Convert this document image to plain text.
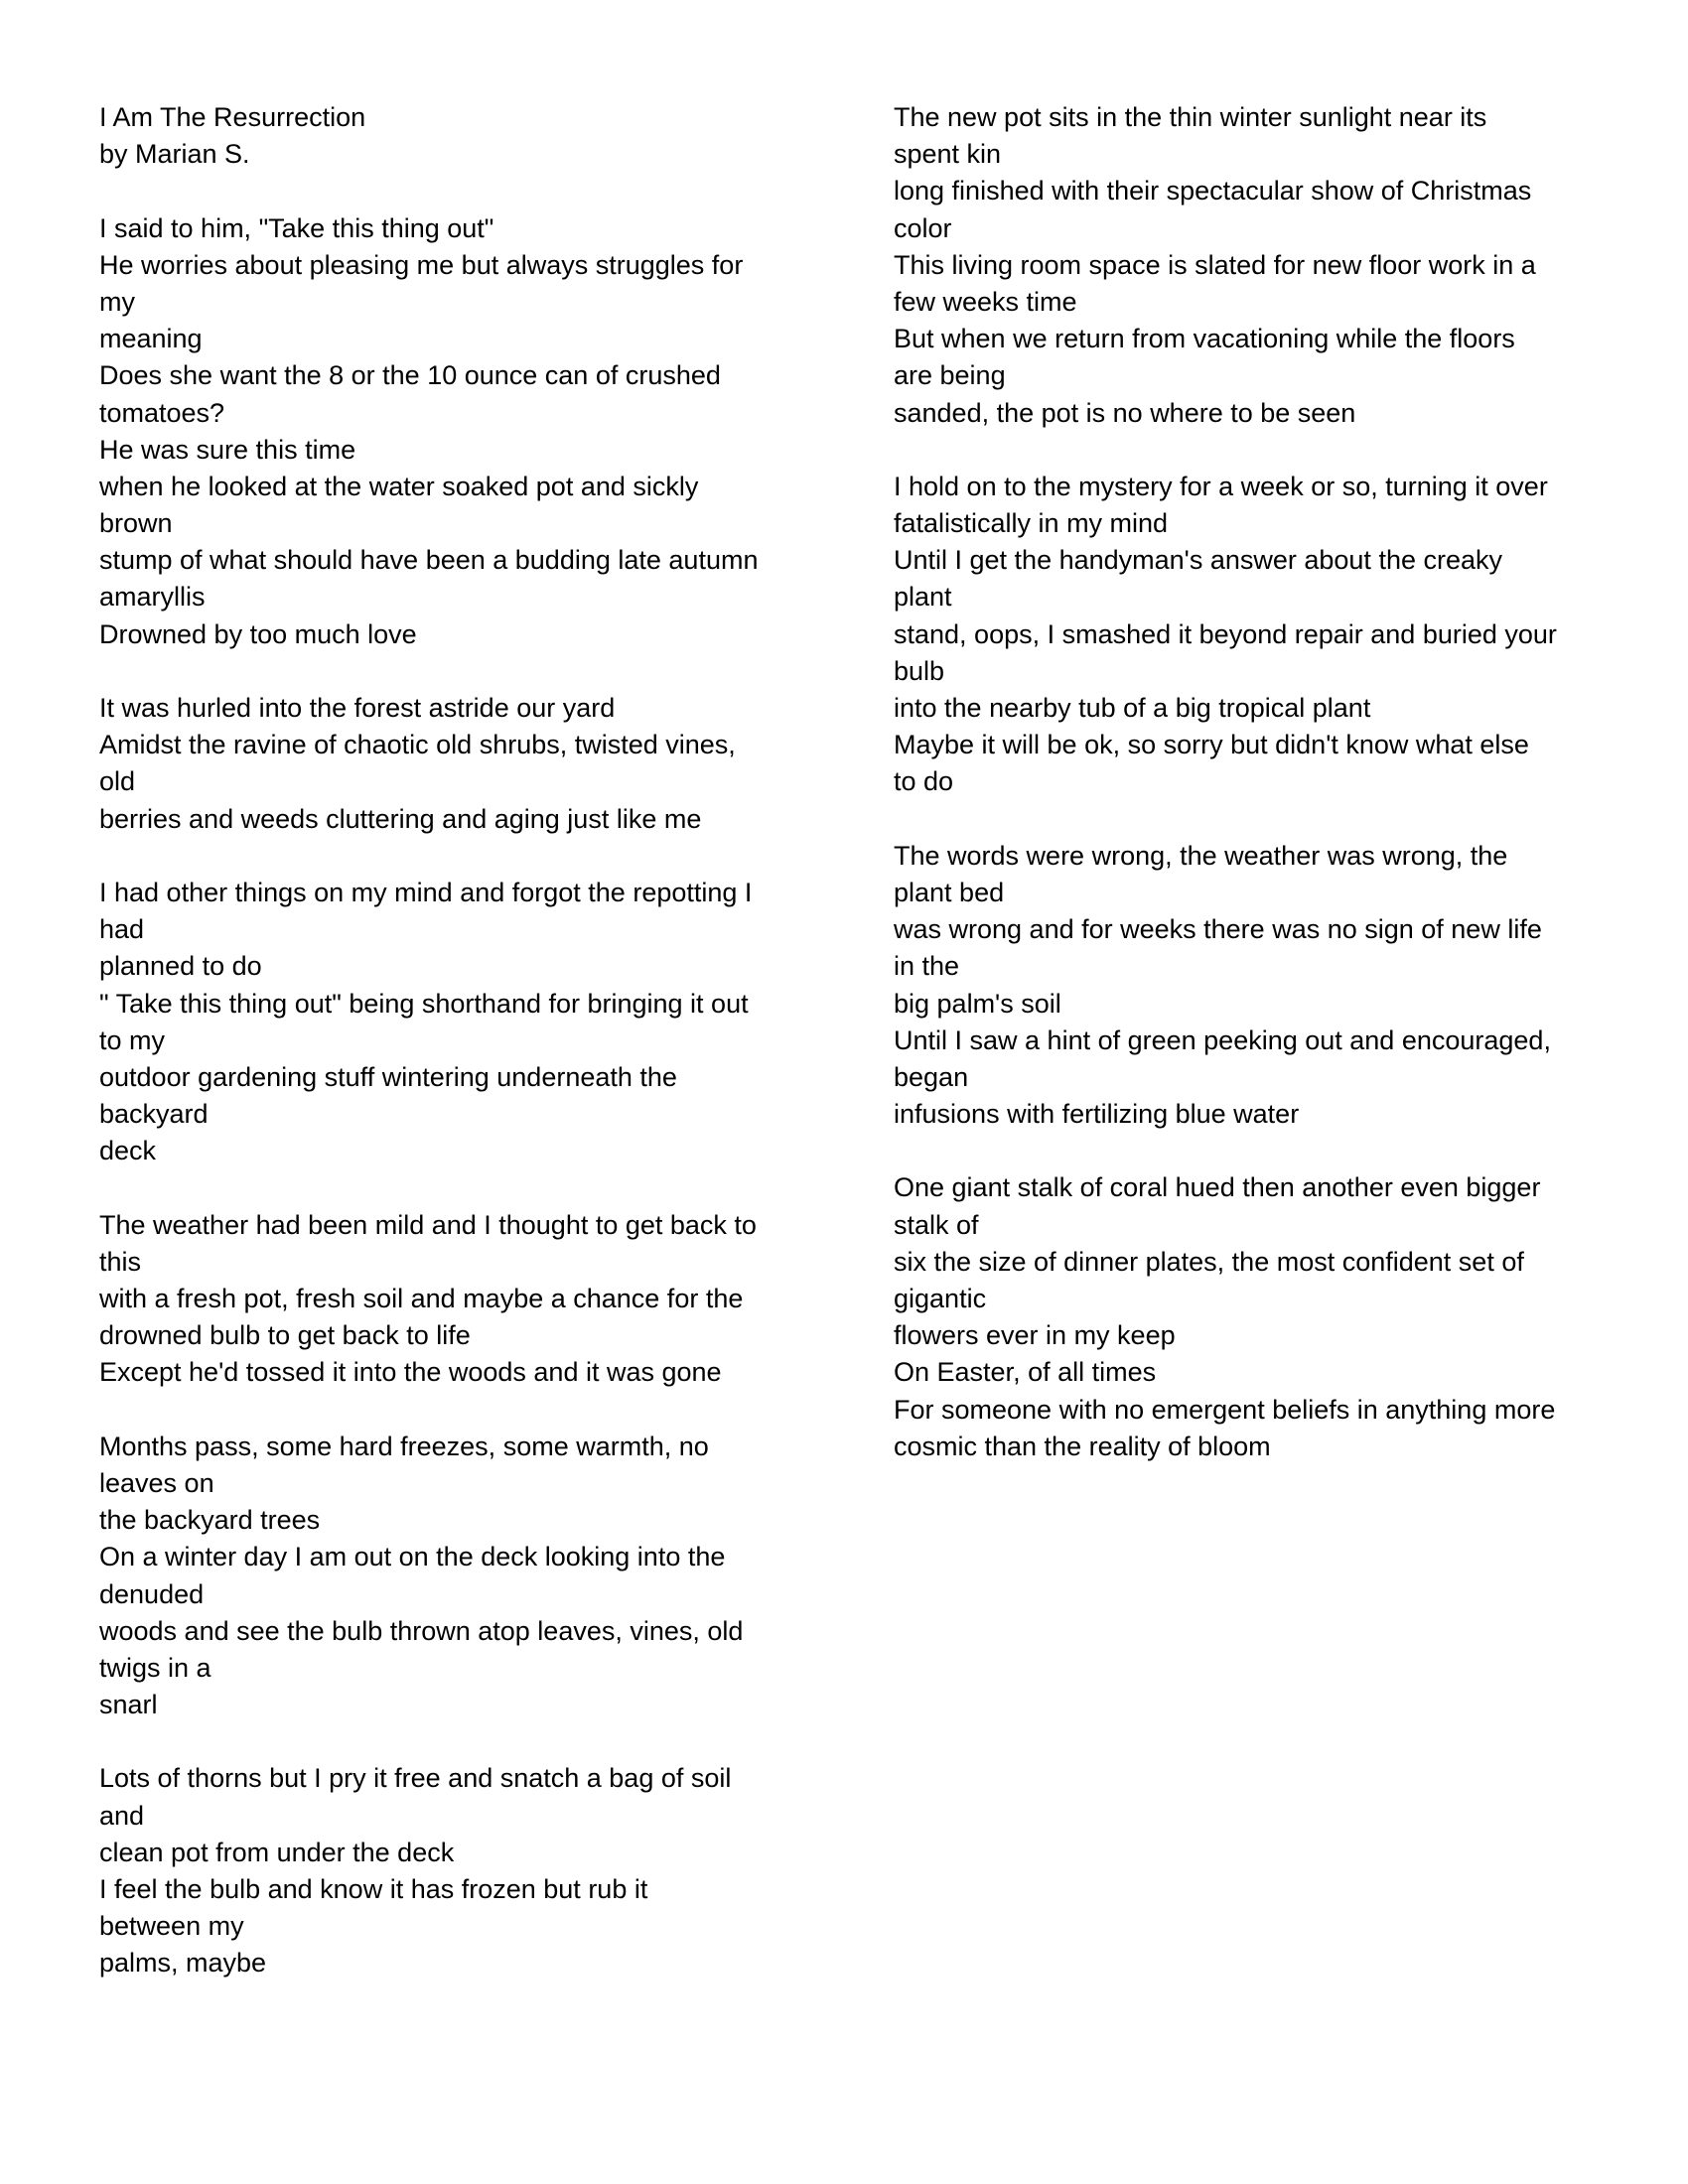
I Am The Resurrection
by Marian S.
I said to him, "Take this thing out"
He worries about pleasing me but always struggles for
my
meaning
Does she want the 8 or the 10 ounce can of crushed
tomatoes?
He was sure this time
when he looked at the water soaked pot and sickly
brown
stump of what should have been a budding late autumn
amaryllis
Drowned by too much love
It was hurled into the forest astride our yard
Amidst the ravine of chaotic old shrubs, twisted vines,
old
berries and weeds cluttering and aging just like me
I had other things on my mind and forgot the repotting I
had
planned to do
" Take this thing out" being shorthand for bringing it out
to my
outdoor gardening stuff wintering underneath the
backyard
deck
The weather had been mild and I thought to get back to
this
with a fresh pot, fresh soil and maybe a chance for the
drowned bulb to get back to life
Except he'd tossed it into the woods and it was gone
Months pass, some hard freezes, some warmth, no
leaves on
the backyard trees
On a winter day I am out on the deck looking into the
denuded
woods and see the bulb thrown atop leaves, vines, old
twigs in a
snarl
Lots of thorns but I pry it free and snatch a bag of soil
and
clean pot from under the deck
I feel the bulb and know it has frozen but rub it
between my
palms, maybe
The new pot sits in the thin winter sunlight near its
spent kin
long finished with their spectacular show of Christmas
color
This living room space is slated for new floor work in a
few weeks time
But when we return from vacationing while the floors
are being
sanded, the pot is no where to be seen
I hold on to the mystery for a week or so, turning it over
fatalistically in my mind
Until I get the handyman's answer about the creaky
plant
stand, oops, I smashed it beyond repair and buried your
bulb
into the nearby tub of a big tropical plant
Maybe it will be ok, so sorry but didn't know what else
to do
The words were wrong, the weather was wrong, the
plant bed
was wrong and for weeks there was no sign of new life
in the
big palm's soil
Until I saw a hint of green peeking out and encouraged,
began
infusions with fertilizing blue water
One giant stalk of coral hued then another even bigger
stalk of
six the size of dinner plates, the most confident set of
gigantic
flowers ever in my keep
On Easter, of all times
For someone with no emergent beliefs in anything more
cosmic than the reality of bloom
